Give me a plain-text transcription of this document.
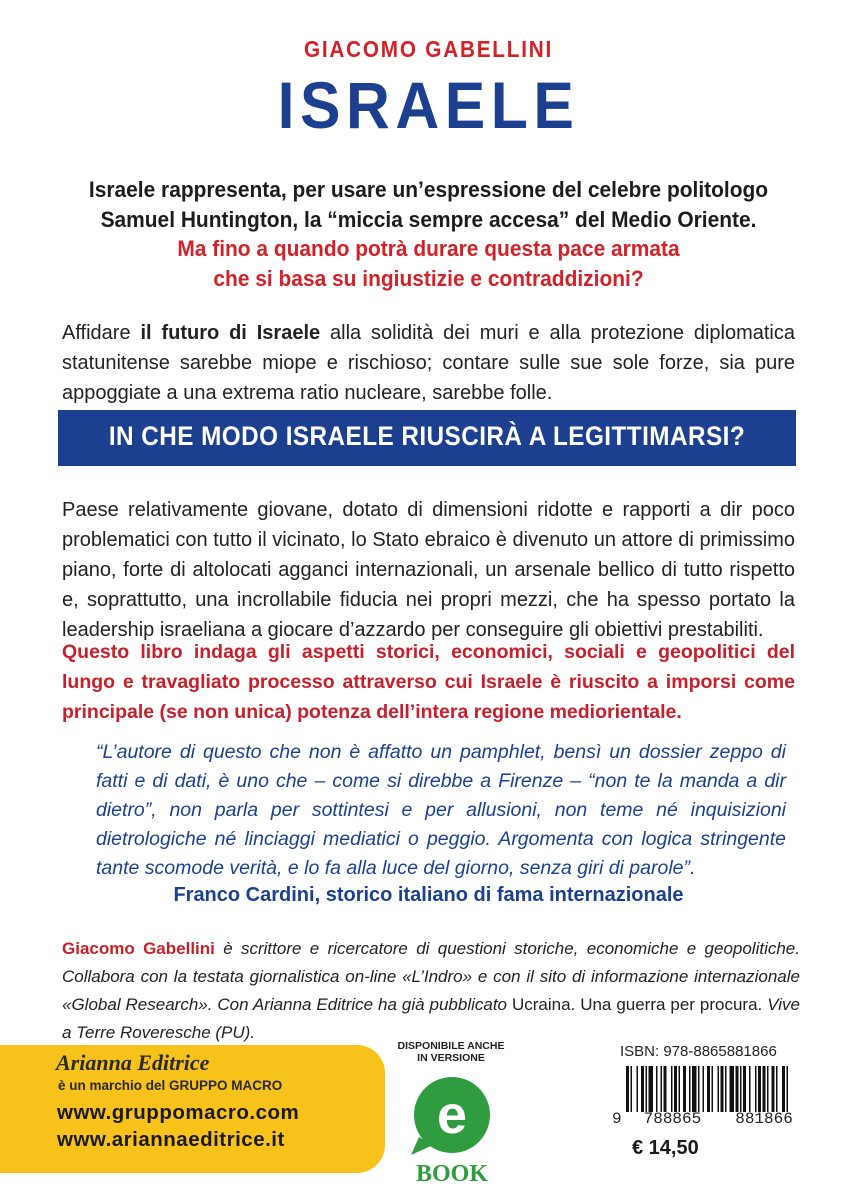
GIACOMO GABELLINI
ISRAELE
Israele rappresenta, per usare un’espressione del celebre politologo
Samuel Huntington, la “miccia sempre accesa” del Medio Oriente.
Ma fino a quando potrà durare questa pace armata
che si basa su ingiustizie e contraddizioni?
Affidare il futuro di Israele alla solidità dei muri e alla protezione diplomatica statunitense sarebbe miope e rischioso; contare sulle sue sole forze, sia pure appoggiate a una extrema ratio nucleare, sarebbe folle.
IN CHE MODO ISRAELE RIUSCIRÀ A LEGITTIMARSI?
Paese relativamente giovane, dotato di dimensioni ridotte e rapporti a dir poco problematici con tutto il vicinato, lo Stato ebraico è divenuto un attore di primissimo piano, forte di altolocati agganci internazionali, un arsenale bellico di tutto rispetto e, soprattutto, una incrollabile fiducia nei propri mezzi, che ha spesso portato la leadership israeliana a giocare d’azzardo per conseguire gli obiettivi prestabiliti.
Questo libro indaga gli aspetti storici, economici, sociali e geopolitici del lungo e travagliato processo attraverso cui Israele è riuscito a imporsi come principale (se non unica) potenza dell’intera regione mediorientale.
“L’autore di questo che non è affatto un pamphlet, bensì un dossier zeppo di fatti e di dati, è uno che – come si direbbe a Firenze – “non te la manda a dir dietro”, non parla per sottintesi e per allusioni, non teme né inquisizioni dietrologiche né linciaggi mediatici o peggio. Argomenta con logica stringente tante scomode verità, e lo fa alla luce del giorno, senza giri di parole”.
Franco Cardini, storico italiano di fama internazionale
Giacomo Gabellini è scrittore e ricercatore di questioni storiche, economiche e geopolitiche. Collabora con la testata giornalistica on-line «L’Indro» e con il sito di informazione internazionale «Global Research». Con Arianna Editrice ha già pubblicato Ucraina. Una guerra per procura. Vive a Terre Roveresche (PU).
Arianna Editrice
è un marchio del GRUPPO MACRO
www.gruppomacro.com
www.ariannaeditrice.it
DISPONIBILE ANCHE
IN VERSIONE
e
BOOK
ISBN: 978-8865881866
9 788865 881866
€ 14,50
